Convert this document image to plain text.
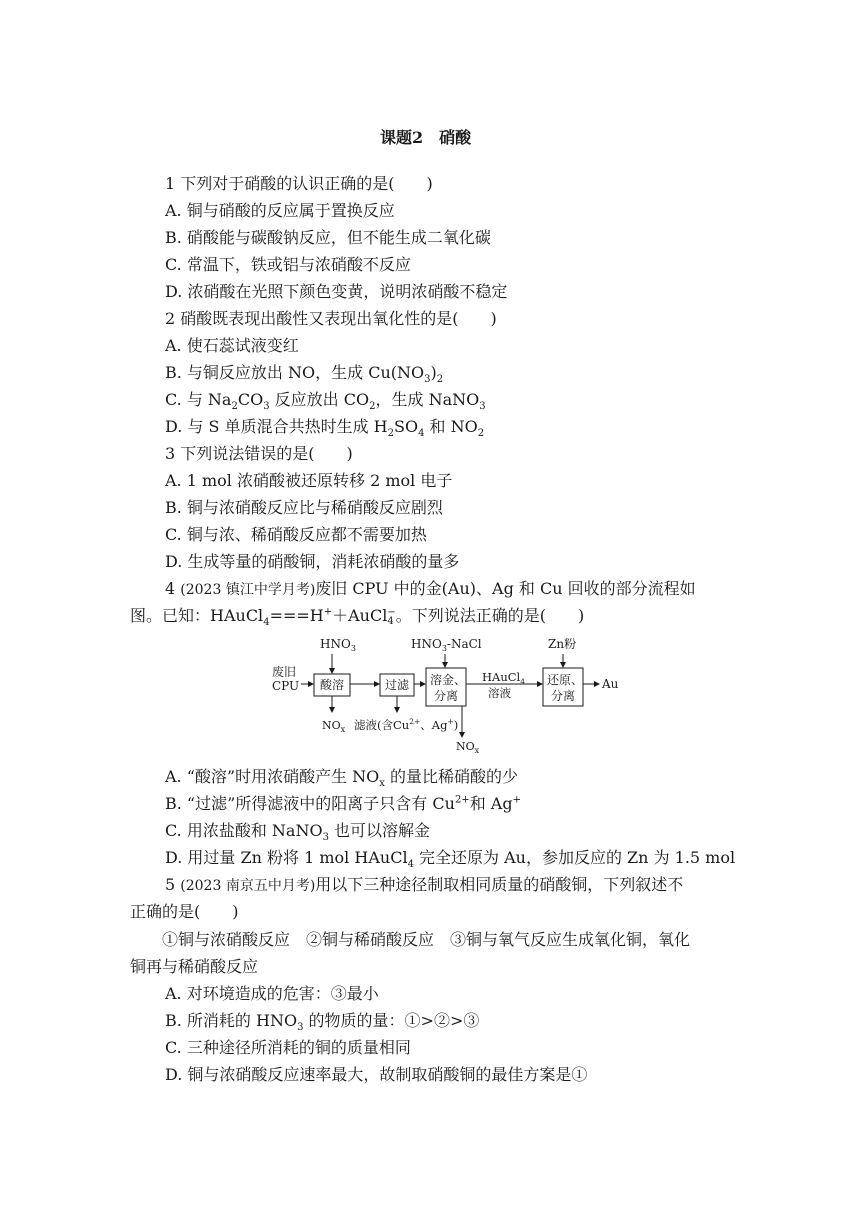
课题2  硝酸
1 下列对于硝酸的认识正确的是(　　)
A. 铜与硝酸的反应属于置换反应
B. 硝酸能与碳酸钠反应，但不能生成二氧化碳
C. 常温下，铁或铝与浓硝酸不反应
D. 浓硝酸在光照下颜色变黄，说明浓硝酸不稳定
2 硝酸既表现出酸性又表现出氧化性的是(　　)
A. 使石蕊试液变红
B. 与铜反应放出 NO，生成 $Cu(NO_3)_2$
C. 与 $Na_2CO_3$ 反应放出 $CO_2$，生成 NaNO$_3$
D. 与 S 单质混合共热时生成 $H_2SO_4$ 和 $NO_2$
3 下列说法错误的是(　　)
A. 1 mol 浓硝酸被还原转移 2 mol 电子
B. 铜与浓硝酸反应比与稀硝酸反应剧烈
C. 铜与浓、稀硝酸反应都不需要加热
D. 生成等量的硝酸铜，消耗浓硝酸的量多
4 (2023 镇江中学月考)废旧 CPU 中的金(Au)、Ag 和 Cu 回收的部分流程如
图。已知：HAuCl$_4$===H+＋AuCl −
4 。下列说法正确的是(　　)
废旧
CPU
$HNO_3$
酸溶
$NO_x$
过滤
滤液(含$Cu^{2+}$、Ag+)
$HNO_3$-NaCl
溶金、
分离
$NO_x$
HAuCl$_4$
溶液
Zn粉
还原、
分离
Au
A. “酸溶”时用浓硝酸产生 $NO_x$ 的量比稀硝酸的少
B. “过滤”所得滤液中的阳离子只含有 $Cu^{2+}$和 Ag+
C. 用浓盐酸和 NaNO$_3$ 也可以溶解金
D. 用过量 Zn 粉将 1 mol HAuCl$_4$ 完全还原为 Au，参加反应的 Zn 为 1.5 mol
5 (2023 南京五中月考)用以下三种途径制取相同质量的硝酸铜，下列叙述不
正确的是(　　)
①铜与浓硝酸反应　②铜与稀硝酸反应　③铜与氧气反应生成氧化铜，氧化
铜再与稀硝酸反应
A. 对环境造成的危害：③最小
B. 所消耗的 $HNO_3$ 的物质的量：①>②>③
C. 三种途径所消耗的铜的质量相同
D. 铜与浓硝酸反应速率最大，故制取硝酸铜的最佳方案是①
